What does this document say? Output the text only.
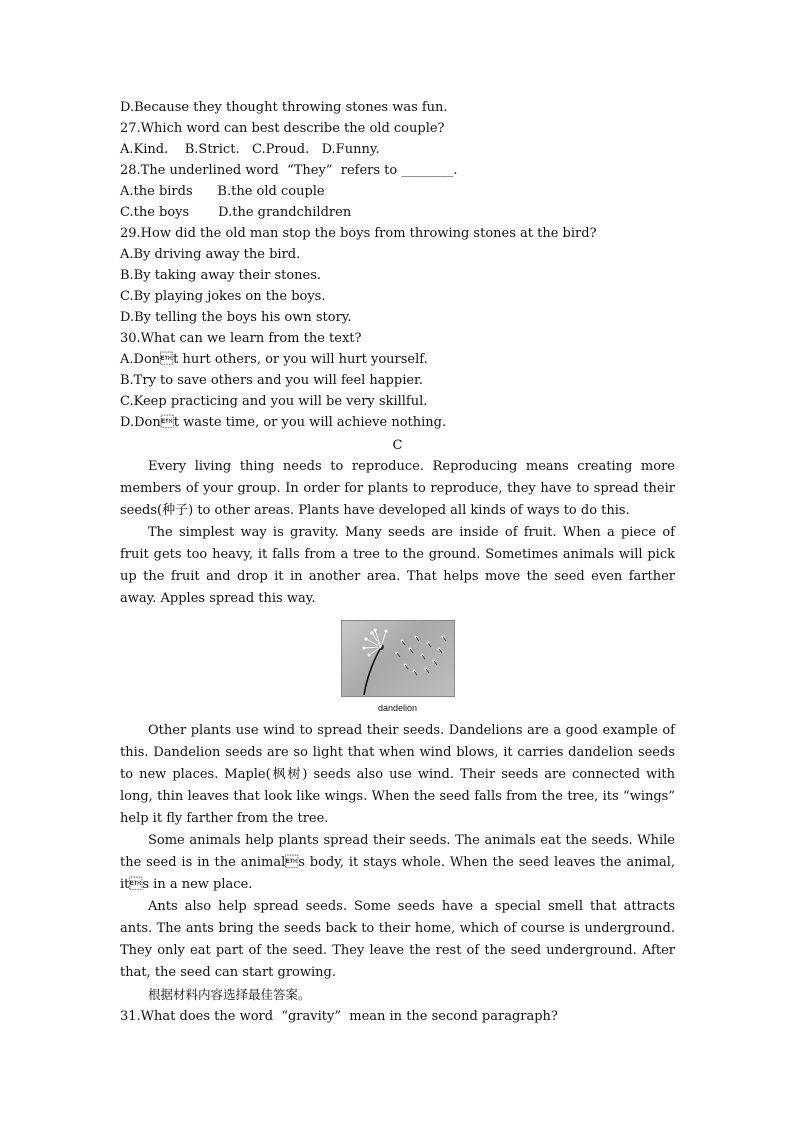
D.Because they thought throwing stones was fun.
27.Which word can best describe the old couple?
A.Kind.    B.Strict.   C.Proud.   D.Funny.
28.The underlined word  “They”  refers to ________.
A.the birds      B.the old couple
C.the boys       D.the grandchildren
29.How did the old man stop the boys from throwing stones at the bird?
A.By driving away the bird.
B.By taking away their stones.
C.By playing jokes on the boys.
D.By telling the boys his own story.
30.What can we learn from the text?
A.Dont hurt others, or you will hurt yourself.
B.Try to save others and you will feel happier.
C.Keep practicing and you will be very skillful.
D.Dont waste time, or you will achieve nothing.
C

Every living thing needs to reproduce. Reproducing means creating more members of your group. In order for plants to reproduce, they have to spread their seeds(种子) to other areas. Plants have developed all kinds of ways to do this.

The simplest way is gravity. Many seeds are inside of fruit. When a piece of fruit gets too heavy, it falls from a tree to the ground. Sometimes animals will pick up the fruit and drop it in another area. That helps move the seed even farther away. Apples spread this way.

dandelion

Other plants use wind to spread their seeds. Dandelions are a good example of this. Dandelion seeds are so light that when wind blows, it carries dandelion seeds to new places. Maple(枫树) seeds also use wind. Their seeds are connected with long, thin leaves that look like wings. When the seed falls from the tree, its “wings” help it fly farther from the tree.

Some animals help plants spread their seeds. The animals eat the seeds. While the seed is in the animals body, it stays whole. When the seed leaves the animal, its in a new place.

Ants also help spread seeds. Some seeds have a special smell that attracts ants. The ants bring the seeds back to their home, which of course is underground. They only eat part of the seed. They leave the rest of the seed underground. After that, the seed can start growing.

根据材料内容选择最佳答案。

31.What does the word  “gravity”  mean in the second paragraph?
